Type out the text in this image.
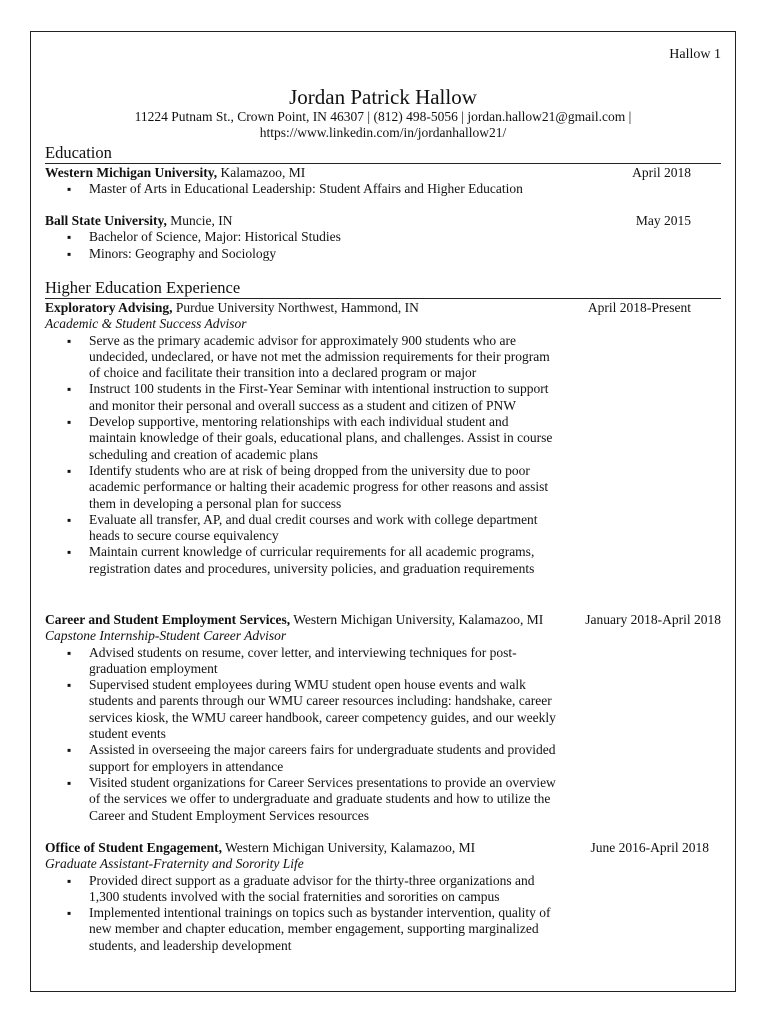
Hallow 1
Jordan Patrick Hallow
11224 Putnam St., Crown Point, IN 46307 | (812) 498-5056 | jordan.hallow21@gmail.com |
https://www.linkedin.com/in/jordanhallow21/
Education
Western Michigan University, Kalamazoo, MI	April 2018
▪ Master of Arts in Educational Leadership: Student Affairs and Higher Education
Ball State University, Muncie, IN	May 2015
▪ Bachelor of Science, Major: Historical Studies
▪ Minors: Geography and Sociology
Higher Education Experience
Exploratory Advising, Purdue University Northwest, Hammond, IN	April 2018-Present
Academic & Student Success Advisor
▪ Serve as the primary academic advisor for approximately 900 students who are undecided, undeclared, or have not met the admission requirements for their program of choice and facilitate their transition into a declared program or major
▪ Instruct 100 students in the First-Year Seminar with intentional instruction to support and monitor their personal and overall success as a student and citizen of PNW
▪ Develop supportive, mentoring relationships with each individual student and maintain knowledge of their goals, educational plans, and challenges. Assist in course scheduling and creation of academic plans
▪ Identify students who are at risk of being dropped from the university due to poor academic performance or halting their academic progress for other reasons and assist them in developing a personal plan for success
▪ Evaluate all transfer, AP, and dual credit courses and work with college department heads to secure course equivalency
▪ Maintain current knowledge of curricular requirements for all academic programs, registration dates and procedures, university policies, and graduation requirements
Career and Student Employment Services, Western Michigan University, Kalamazoo, MI	January 2018-April 2018
Capstone Internship-Student Career Advisor
▪ Advised students on resume, cover letter, and interviewing techniques for post-graduation employment
▪ Supervised student employees during WMU student open house events and walk students and parents through our WMU career resources including: handshake, career services kiosk, the WMU career handbook, career competency guides, and our weekly student events
▪ Assisted in overseeing the major careers fairs for undergraduate students and provided support for employers in attendance
▪ Visited student organizations for Career Services presentations to provide an overview of the services we offer to undergraduate and graduate students and how to utilize the Career and Student Employment Services resources
Office of Student Engagement, Western Michigan University, Kalamazoo, MI	June 2016-April 2018
Graduate Assistant-Fraternity and Sorority Life
▪ Provided direct support as a graduate advisor for the thirty-three organizations and 1,300 students involved with the social fraternities and sororities on campus
▪ Implemented intentional trainings on topics such as bystander intervention, quality of new member and chapter education, member engagement, supporting marginalized students, and leadership development
